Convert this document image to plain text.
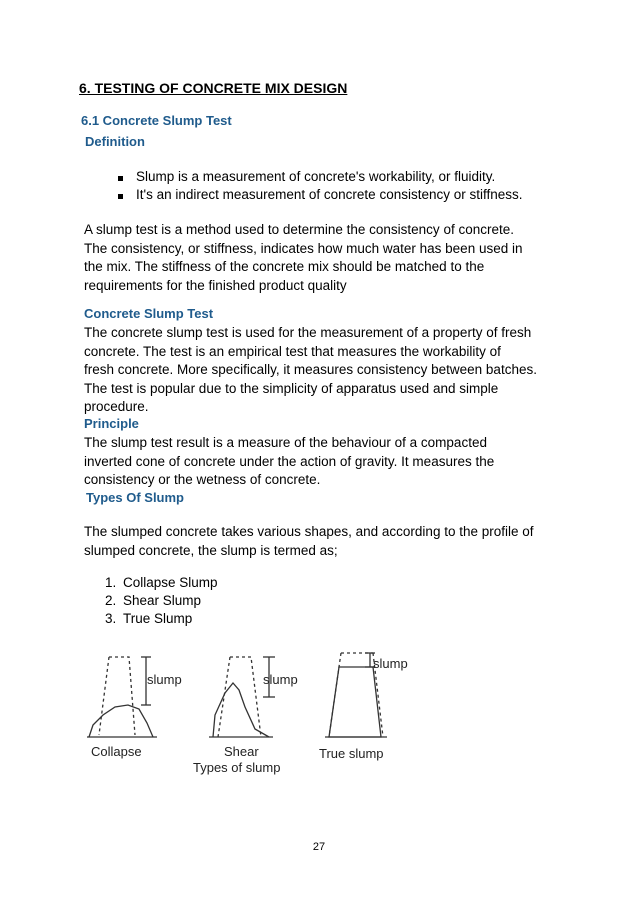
6. TESTING OF CONCRETE MIX DESIGN
6.1 Concrete Slump Test
Definition
Slump is a measurement of concrete's workability, or fluidity.
It's an indirect measurement of concrete consistency or stiffness.
A slump test is a method used to determine the consistency of concrete.
The consistency, or stiffness, indicates how much water has been used in
the mix. The stiffness of the concrete mix should be matched to the
requirements for the finished product quality
Concrete Slump Test
The concrete slump test is used for the measurement of a property of fresh
concrete. The test is an empirical test that measures the workability of
fresh concrete. More specifically, it measures consistency between batches.
The test is popular due to the simplicity of apparatus used and simple
procedure.
Principle
The slump test result is a measure of the behaviour of a compacted
inverted cone of concrete under the action of gravity. It measures the
consistency or the wetness of concrete.
Types Of Slump
The slumped concrete takes various shapes, and according to the profile of
slumped concrete, the slump is termed as;
1. Collapse Slump
2. Shear Slump
3. True Slump
slump	slump
slump
Collapse	Shear	True slump
Types of slump
27
